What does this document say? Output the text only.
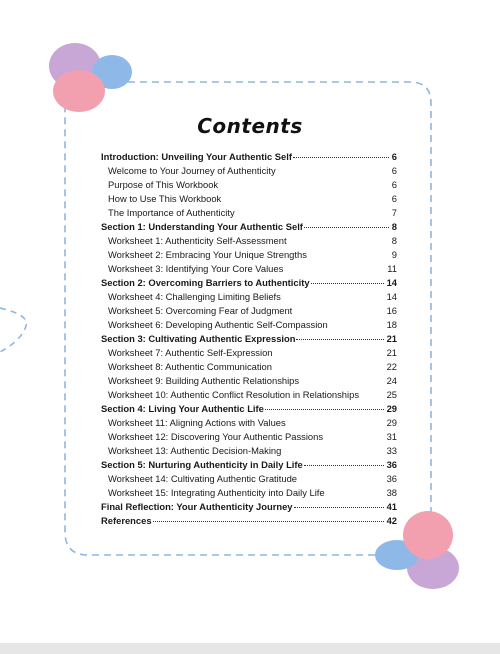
Contents
Introduction: Unveiling Your Authentic Self	6
Welcome to Your Journey of Authenticity	6
Purpose of This Workbook	6
How to Use This Workbook	6
The Importance of Authenticity	7
Section 1: Understanding Your Authentic Self	8
Worksheet 1: Authenticity Self-Assessment	8
Worksheet 2: Embracing Your Unique Strengths	9
Worksheet 3: Identifying Your Core Values	11
Section 2: Overcoming Barriers to Authenticity	14
Worksheet 4: Challenging Limiting Beliefs	14
Worksheet 5: Overcoming Fear of Judgment	16
Worksheet 6: Developing Authentic Self-Compassion	18
Section 3: Cultivating Authentic Expression	21
Worksheet 7: Authentic Self-Expression	21
Worksheet 8: Authentic Communication	22
Worksheet 9: Building Authentic Relationships	24
Worksheet 10: Authentic Conflict Resolution in Relationships	25
Section 4: Living Your Authentic Life	29
Worksheet 11: Aligning Actions with Values	29
Worksheet 12: Discovering Your Authentic Passions	31
Worksheet 13: Authentic Decision-Making	33
Section 5: Nurturing Authenticity in Daily Life	36
Worksheet 14: Cultivating Authentic Gratitude	36
Worksheet 15: Integrating Authenticity into Daily Life	38
Final Reflection: Your Authenticity Journey	41
References	42
